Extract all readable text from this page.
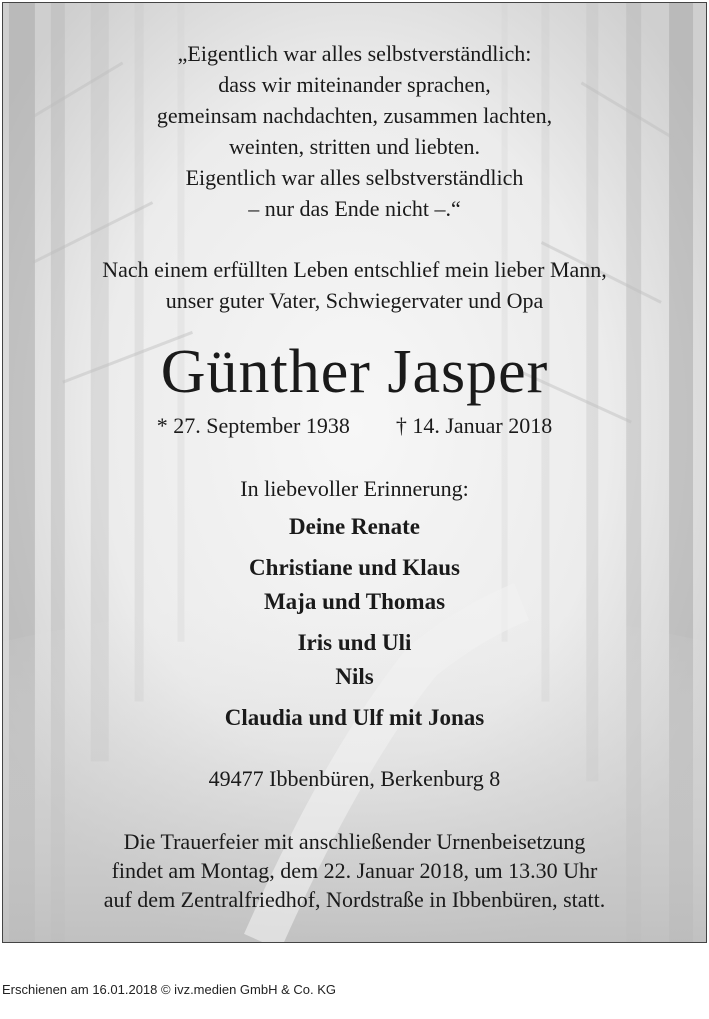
„Eigentlich war alles selbstverständlich:
dass wir miteinander sprachen,
gemeinsam nachdachten, zusammen lachten,
weinten, stritten und liebten.
Eigentlich war alles selbstverständlich
– nur das Ende nicht –.“
Nach einem erfüllten Leben entschlief mein lieber Mann,
unser guter Vater, Schwiegervater und Opa
Günther Jasper
* 27. September 1938 † 14. Januar 2018
In liebevoller Erinnerung:
Deine Renate
Christiane und Klaus
Maja und Thomas
Iris und Uli
Nils
Claudia und Ulf mit Jonas
49477 Ibbenbüren, Berkenburg 8
Die Trauerfeier mit anschließender Urnenbeisetzung
findet am Montag, dem 22. Januar 2018, um 13.30 Uhr
auf dem Zentralfriedhof, Nordstraße in Ibbenbüren, statt.
Erschienen am 16.01.2018 © ivz.medien GmbH & Co. KG
